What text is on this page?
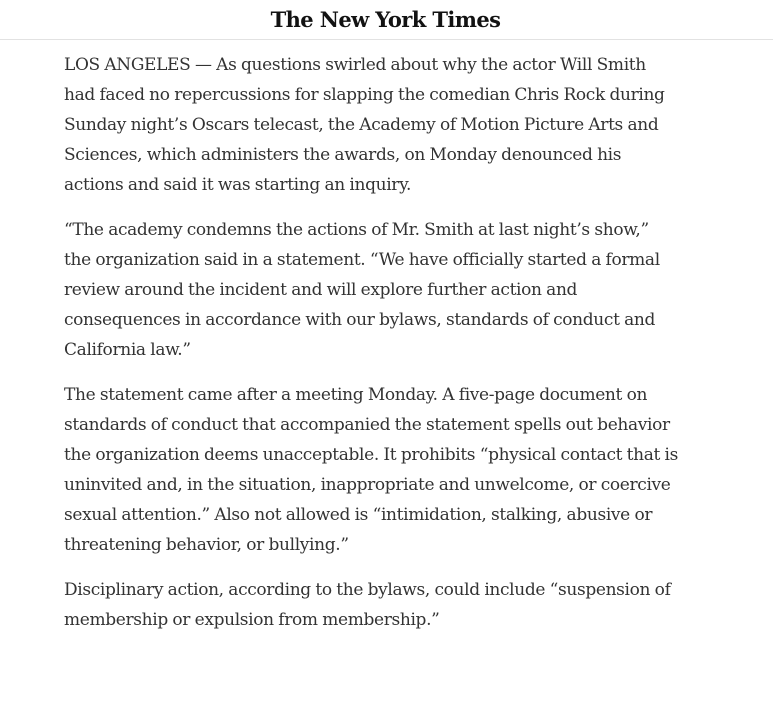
The New York Times

LOS ANGELES — As questions swirled about why the actor Will Smith had faced no repercussions for slapping the comedian Chris Rock during Sunday night’s Oscars telecast, the Academy of Motion Picture Arts and Sciences, which administers the awards, on Monday denounced his actions and said it was starting an inquiry.

“The academy condemns the actions of Mr. Smith at last night’s show,” the organization said in a statement. “We have officially started a formal review around the incident and will explore further action and consequences in accordance with our bylaws, standards of conduct and California law.”

The statement came after a meeting Monday. A five-page document on standards of conduct that accompanied the statement spells out behavior the organization deems unacceptable. It prohibits “physical contact that is uninvited and, in the situation, inappropriate and unwelcome, or coercive sexual attention.” Also not allowed is “intimidation, stalking, abusive or threatening behavior, or bullying.”

Disciplinary action, according to the bylaws, could include “suspension of membership or expulsion from membership.”
